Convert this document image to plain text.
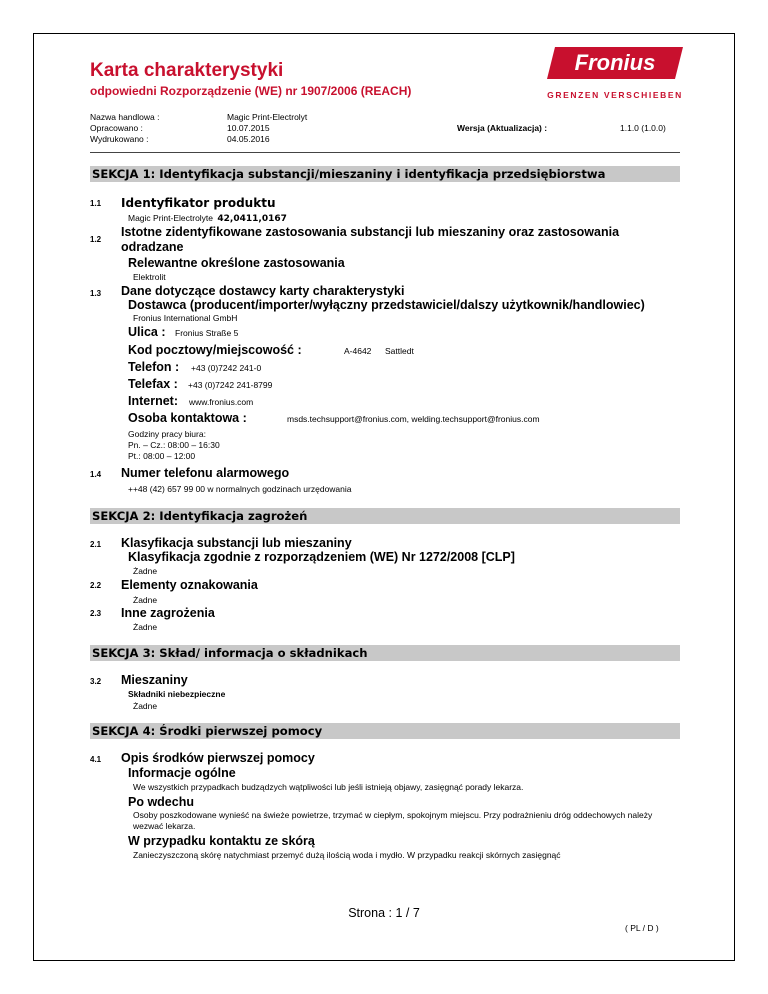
Karta charakterystyki
odpowiedni Rozporządzenie (WE) nr 1907/2006 (REACH)
Fronius
GRENZEN VERSCHIEBEN
Nazwa handlowa :	Magic Print-Electrolyt
Opracowano :	10.07.2015	Wersja (Aktualizacja) :	1.1.0 (1.0.0)
Wydrukowano :	04.05.2016
SEKCJA 1: Identyfikacja substancji/mieszaniny i identyfikacja przedsiębiorstwa
1.1 Identyfikator produktu
Magic Print-Electrolyte 42,0411,0167
1.2
Istotne zidentyfikowane zastosowania substancji lub mieszaniny oraz zastosowania odradzane
Relewantne określone zastosowania
Elektrolit
1.3 Dane dotyczące dostawcy karty charakterystyki
Dostawca (producent/importer/wyłączny przedstawiciel/dalszy użytkownik/handlowiec)
Fronius International GmbH
Ulica : Fronius Straße 5
Kod pocztowy/miejscowość :	A-4642 Sattledt
Telefon : +43 (0)7242 241-0
Telefax : +43 (0)7242 241-8799
Internet: www.fronius.com
Osoba kontaktowa :	msds.techsupport@fronius.com, welding.techsupport@fronius.com
Godziny pracy biura:
Pn. – Cz.: 08:00 – 16:30
Pt.: 08:00 – 12:00
1.4 Numer telefonu alarmowego
++48 (42) 657 99 00 w normalnych godzinach urzędowania
SEKCJA 2: Identyfikacja zagrożeń
2.1 Klasyfikacja substancji lub mieszaniny
Klasyfikacja zgodnie z rozporządzeniem (WE) Nr 1272/2008 [CLP]
Żadne
2.2 Elementy oznakowania
Żadne
2.3 Inne zagrożenia
Żadne
SEKCJA 3: Skład/ informacja o składnikach
3.2 Mieszaniny
Składniki niebezpieczne
Żadne
SEKCJA 4: Środki pierwszej pomocy
4.1 Opis środków pierwszej pomocy
Informacje ogólne
We wszystkich przypadkach budządzych wątpliwości lub jeśli istnieją objawy, zasięgnąć porady lekarza.
Po wdechu
Osoby poszkodowane wynieść na świeże powietrze, trzymać w ciepłym, spokojnym miejscu. Przy podrażnieniu dróg oddechowych należy wezwać lekarza.
W przypadku kontaktu ze skórą
Zanieczyszczoną skórę natychmiast przemyć dużą ilością woda i mydło. W przypadku reakcji skórnych zasięgnąć
Strona : 1 / 7
( PL / D )
